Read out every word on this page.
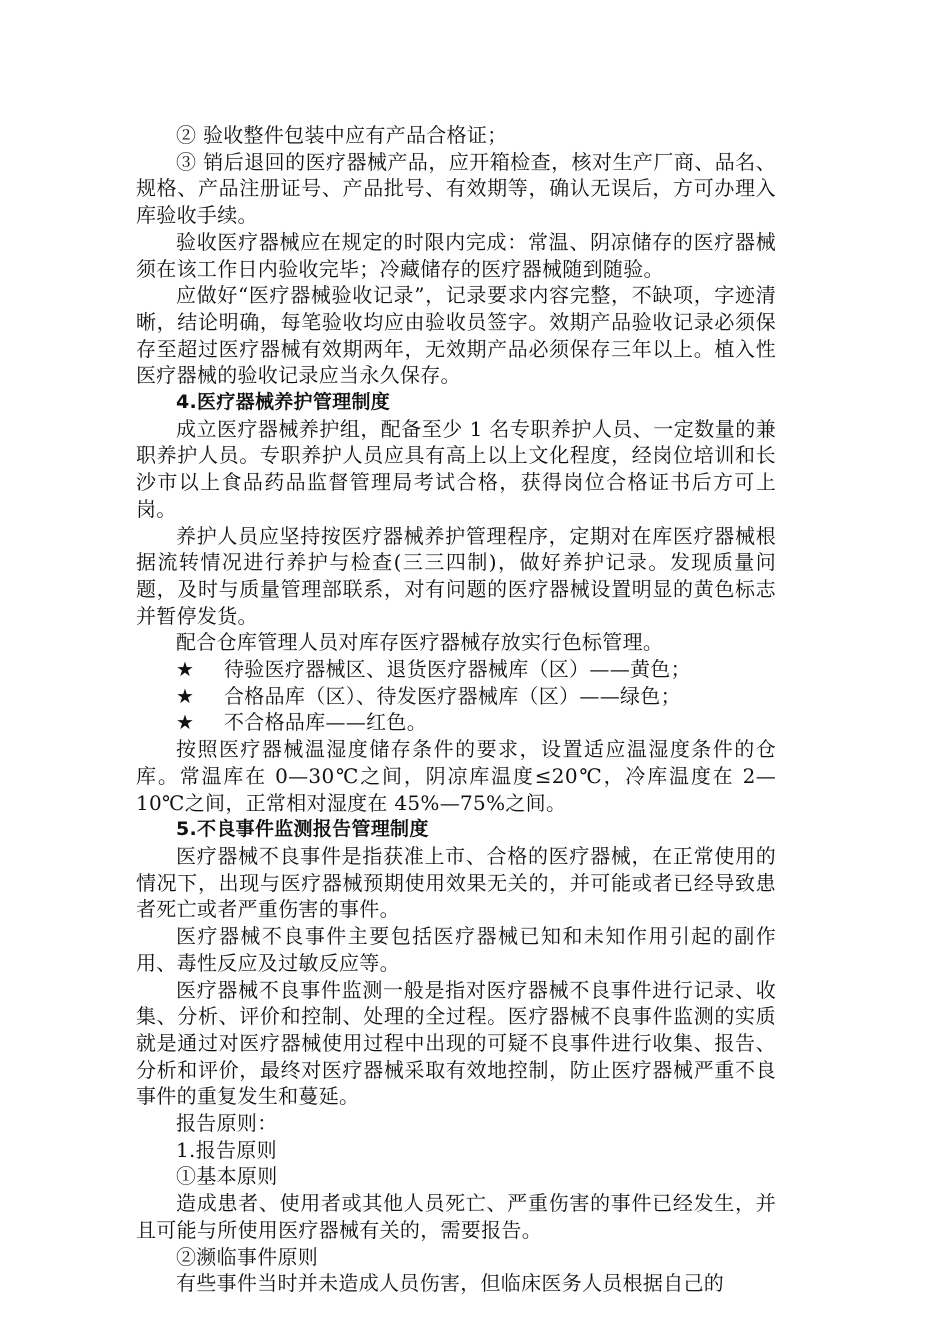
② 验收整件包装中应有产品合格证；

③ 销后退回的医疗器械产品，应开箱检查，核对生产厂商、品名、规格、产品注册证号、产品批号、有效期等，确认无误后，方可办理入库验收手续。

验收医疗器械应在规定的时限内完成：常温、阴凉储存的医疗器械须在该工作日内验收完毕；冷藏储存的医疗器械随到随验。

应做好“医疗器械验收记录”，记录要求内容完整，不缺项，字迹清晰，结论明确，每笔验收均应由验收员签字。效期产品验收记录必须保存至超过医疗器械有效期两年，无效期产品必须保存三年以上。植入性医疗器械的验收记录应当永久保存。

4.医疗器械养护管理制度

成立医疗器械养护组，配备至少 1 名专职养护人员、一定数量的兼职养护人员。专职养护人员应具有高上以上文化程度，经岗位培训和长沙市以上食品药品监督管理局考试合格，获得岗位合格证书后方可上岗。

养护人员应坚持按医疗器械养护管理程序，定期对在库医疗器械根据流转情况进行养护与检查(三三四制)，做好养护记录。发现质量问题，及时与质量管理部联系，对有问题的医疗器械设置明显的黄色标志并暂停发货。

配合仓库管理人员对库存医疗器械存放实行色标管理。

★ 待验医疗器械区、退货医疗器械库（区）——黄色；

★ 合格品库（区）、待发医疗器械库（区）——绿色；

★ 不合格品库——红色。

按照医疗器械温湿度储存条件的要求，设置适应温湿度条件的仓库。常温库在 0—30℃之间，阴凉库温度≤20℃，冷库温度在 2—10℃之间，正常相对湿度在 45%—75%之间。

5.不良事件监测报告管理制度

医疗器械不良事件是指获准上市、合格的医疗器械，在正常使用的情况下，出现与医疗器械预期使用效果无关的，并可能或者已经导致患者死亡或者严重伤害的事件。

医疗器械不良事件主要包括医疗器械已知和未知作用引起的副作用、毒性反应及过敏反应等。

医疗器械不良事件监测一般是指对医疗器械不良事件进行记录、收集、分析、评价和控制、处理的全过程。医疗器械不良事件监测的实质就是通过对医疗器械使用过程中出现的可疑不良事件进行收集、报告、分析和评价，最终对医疗器械采取有效地控制，防止医疗器械严重不良事件的重复发生和蔓延。

报告原则：

1.报告原则

①基本原则

造成患者、使用者或其他人员死亡、严重伤害的事件已经发生，并且可能与所使用医疗器械有关的，需要报告。

②濒临事件原则

有些事件当时并未造成人员伤害，但临床医务人员根据自己的
